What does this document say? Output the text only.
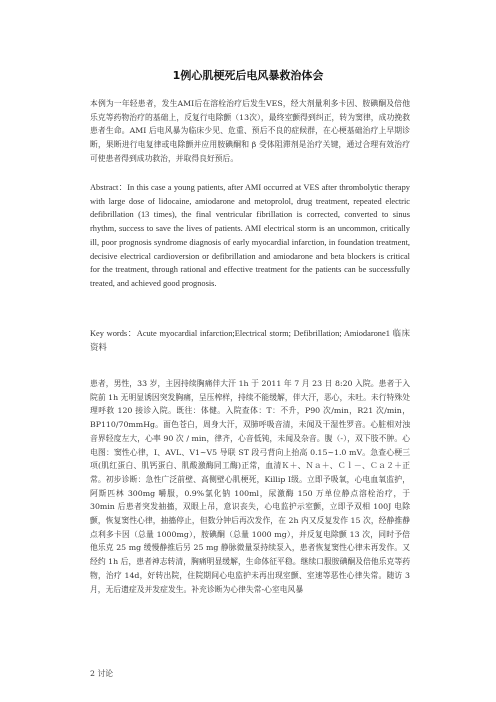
1例心肌梗死后电风暴救治体会

本例为一年轻患者，发生AMI后在溶栓治疗后发生VES，经大剂量利多卡因、胺碘酮及倍他乐克等药物治疗的基础上，反复行电除颤（13次），最终室颤得到纠正，转为窦律，成功挽救患者生命。AMI 后电风暴为临床少见、危重、预后不良的症候群，在心梗基础治疗上早期诊断，果断进行电复律或电除颤并应用胺碘酮和 β 受体阻滞剂是治疗关键，通过合理有效治疗可使患者得到成功救治，并取得良好预后。

Abstract：In this case a young patients, after AMI occurred at VES after thrombolytic therapy with large dose of lidocaine, amiodarone and metoprolol, drug treatment, repeated electric defibrillation (13 times), the final ventricular fibrillation is corrected, converted to sinus rhythm, success to save the lives of patients. AMI electrical storm is an uncommon, critically ill, poor prognosis syndrome diagnosis of early myocardial infarction, in foundation treatment, decisive electrical cardioversion or defibrillation and amiodarone and beta blockers is critical for the treatment, through rational and effective treatment for the patients can be successfully treated, and achieved good prognosis.

Key words：Acute myocardial infarction;Electrical storm; Defibrillation; Amiodarone1 临床资料

患者，男性，33 岁，主因持续胸痛伴大汗 1h 于 2011 年 7 月 23 日 8:20 入院。患者于入院前 1h 无明显诱因突发胸痛，呈压榨样，持续不能缓解，伴大汗，恶心，未吐。未行特殊处理呼救 120 接诊入院。既往：体健。入院查体：T：不升，P90 次/min，R21 次/min，BP110/70mmHg。面色苍白，周身大汗，双肺呼吸音清，未闻及干湿性罗音。心脏相对浊音界轻度左大，心率 90 次 / min，律齐，心音低钝，未闻及杂音。腹（-），双下肢不肿。心电图：窦性心律，I、AVL、V1~V5 导联 ST 段弓背向上抬高 0.15~1.0 mV。急查心梗三项(肌红蛋白、肌钙蛋白、肌酸激酶同工酶)正常，血清Ｋ＋、Ｎａ＋、Ｃｌ－、Ｃａ２＋正常。初步诊断：急性广泛前壁、高侧壁心肌梗死，Killip Ⅰ级。立即予吸氧，心电血氧监护，阿斯匹林 300mg 嚼服，0.9%氯化钠 100ml，尿激酶 150 万单位静点溶栓治疗，于 30min 后患者突发抽搐，双眼上吊，意识丧失，心电监护示室颤，立即予双相 100J 电除颤，恢复窦性心律，抽搐停止，但数分钟后再次发作，在 2h 内又反复发作 15 次，经静推静点利多卡因（总量 1000mg），胺碘酮（总量 1000 mg），并反复电除颤 13 次，同时予倍他乐克 25 mg 缓慢静推后另 25 mg 静脉微量泵持续泵入，患者恢复窦性心律未再发作。又经约 1h 后，患者神志转清，胸痛明显缓解，生命体征平稳。继续口服胺碘酮及倍他乐克等药物，治疗 14d，好转出院，住院期间心电监护未再出现室颤、室速等恶性心律失常。随访 3 月，无后遗症及并发症发生。补充诊断为心律失常-心室电风暴

2 讨论
